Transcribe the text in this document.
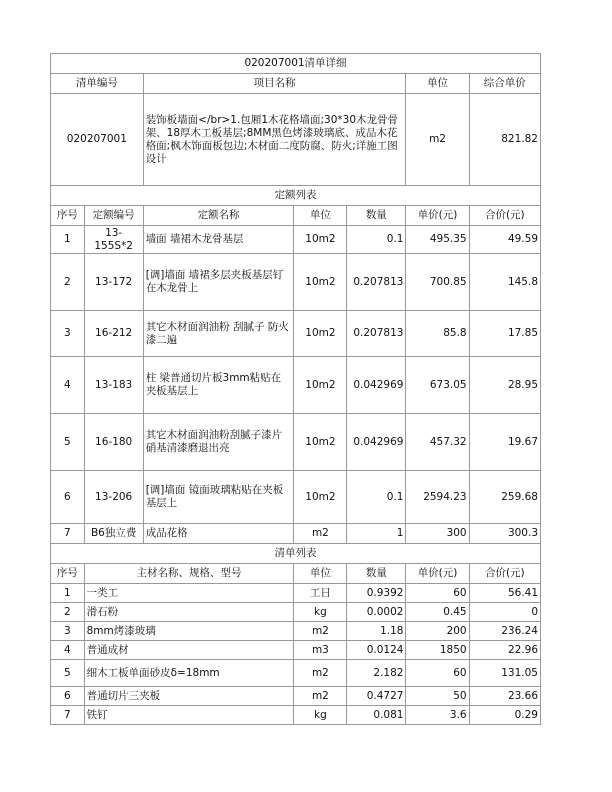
020207001清单详细						
清单编号		项目名称			单位	综合单价
020207001		装饰板墙面</br>1.包厢1木花格墙面;30*30木龙骨骨架、18厚木工板基层;8MM黑色烤漆玻璃底、成品木花格面;枫木饰面板包边;木材面二度防腐、防火;详施工图设计			m2	821.82
定额列表						
序号	定额编号	定额名称	单位	数量	单价(元)	合价(元)
1	13-155S*2	墙面 墙裙木龙骨基层	10m2	0.1	495.35	49.59
2	13-172	[调]墙面 墙裙多层夹板基层钉在木龙骨上	10m2	0.207813	700.85	145.8
3	16-212	其它木材面润油粉 刮腻子 防火漆二遍	10m2	0.207813	85.8	17.85
4	13-183	柱 梁普通切片板3mm粘贴在夹板基层上	10m2	0.042969	673.05	28.95
5	16-180	其它木材面润油粉刮腻子漆片硝基清漆磨退出亮	10m2	0.042969	457.32	19.67
6	13-206	[调]墙面 镜面玻璃粘贴在夹板基层上	10m2	0.1	2594.23	259.68
7	B6独立费	成品花格	m2	1	300	300.3
清单列表						
序号	主材名称、规格、型号		单位	数量	单价(元)	合价(元)
1	一类工		工日	0.9392	60	56.41
2	滑石粉		kg	0.0002	0.45	0
3	8mm烤漆玻璃		m2	1.18	200	236.24
4	普通成材		m3	0.0124	1850	22.96
5	细木工板单面砂皮δ=18mm		m2	2.182	60	131.05
6	普通切片三夹板		m2	0.4727	50	23.66
7	铁钉		kg	0.081	3.6	0.29
